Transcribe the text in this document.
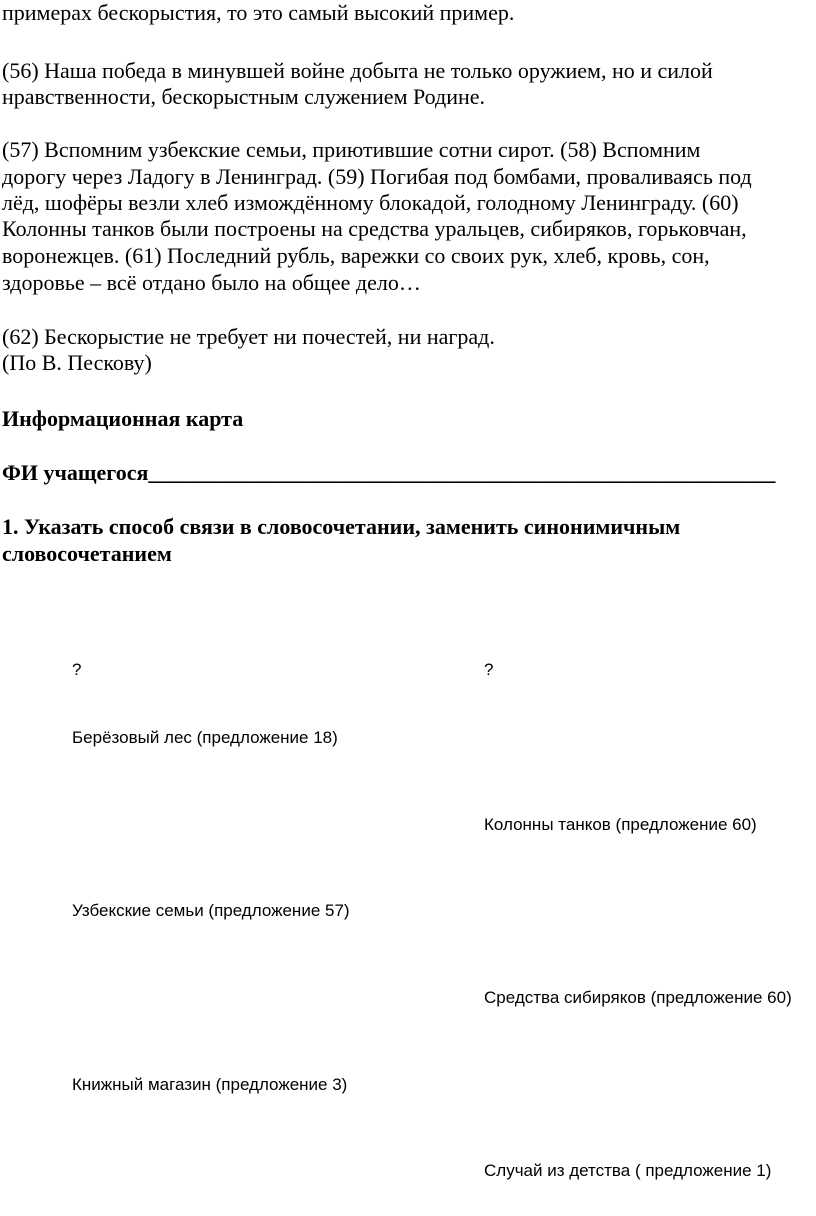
примерах бескорыстия, то это самый высокий пример.

(56) Наша победа в минувшей войне добыта не только оружием, но и силой

нравственности, бескорыстным служением Родине.

(57) Вспомним узбекские семьи, приютившие сотни сирот. (58) Вспомним

дорогу через Ладогу в Ленинград. (59) Погибая под бомбами, проваливаясь под

лёд, шофёры везли хлеб измождённому блокадой, голодному Ленинграду. (60)

Колонны танков были построены на средства уральцев, сибиряков, горьковчан,

воронежцев. (61) Последний рубль, варежки со своих рук, хлеб, кровь, сон,

здоровье – всё отдано было на общее дело…

(62) Бескорыстие не требует ни почестей, ни наград.

(По В. Пескову)

Информационная карта

ФИ учащегося_________________________________________________________

1. Указать способ связи в словосочетании, заменить синонимичным

словосочетанием

?	?
Берёзовый лес (предложение 18)
Колонны танков (предложение 60)
Узбекские семьи (предложение 57)
Средства сибиряков (предложение 60)
Книжный магазин (предложение 3)
Случай из детства ( предложение 1)
